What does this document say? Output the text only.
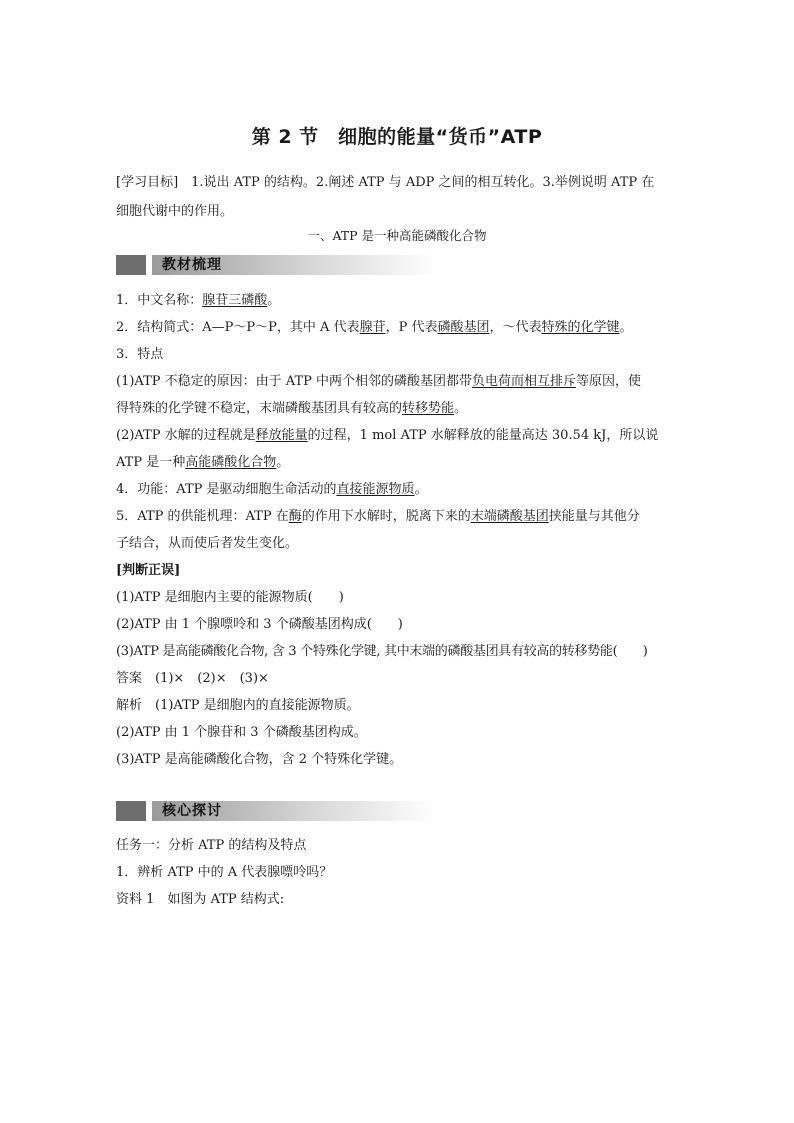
第 2 节　细胞的能量“货币”ATP

[学习目标]　1.说出 ATP 的结构。2.阐述 ATP 与 ADP 之间的相互转化。3.举例说明 ATP 在

细胞代谢中的作用。

一、ATP 是一种高能磷酸化合物
教材梳理

1．中文名称：腺苷三磷酸。

2．结构简式：A—P～P～P，其中 A 代表腺苷，P 代表磷酸基团，～代表特殊的化学键。

3．特点

(1)ATP 不稳定的原因：由于 ATP 中两个相邻的磷酸基团都带负电荷而相互排斥等原因，使

得特殊的化学键不稳定，末端磷酸基团具有较高的转移势能。

(2)ATP 水解的过程就是释放能量的过程，1 mol ATP 水解释放的能量高达 30.54 kJ，所以说

ATP 是一种高能磷酸化合物。

4．功能：ATP 是驱动细胞生命活动的直接能源物质。

5．ATP 的供能机理：ATP 在酶的作用下水解时，脱离下来的末端磷酸基团挟能量与其他分

子结合，从而使后者发生变化。

[判断正误]

(1)ATP 是细胞内主要的能源物质(　　)

(2)ATP 由 1 个腺嘌呤和 3 个磷酸基团构成(　　)

(3)ATP 是高能磷酸化合物, 含 3 个特殊化学键, 其中末端的磷酸基团具有较高的转移势能(　　)

答案　(1)×　(2)×　(3)×

解析　(1)ATP 是细胞内的直接能源物质。

(2)ATP 由 1 个腺苷和 3 个磷酸基团构成。

(3)ATP 是高能磷酸化合物，含 2 个特殊化学键。

核心探讨

任务一：分析 ATP 的结构及特点

1．辨析 ATP 中的 A 代表腺嘌呤吗？

资料 1　如图为 ATP 结构式:
